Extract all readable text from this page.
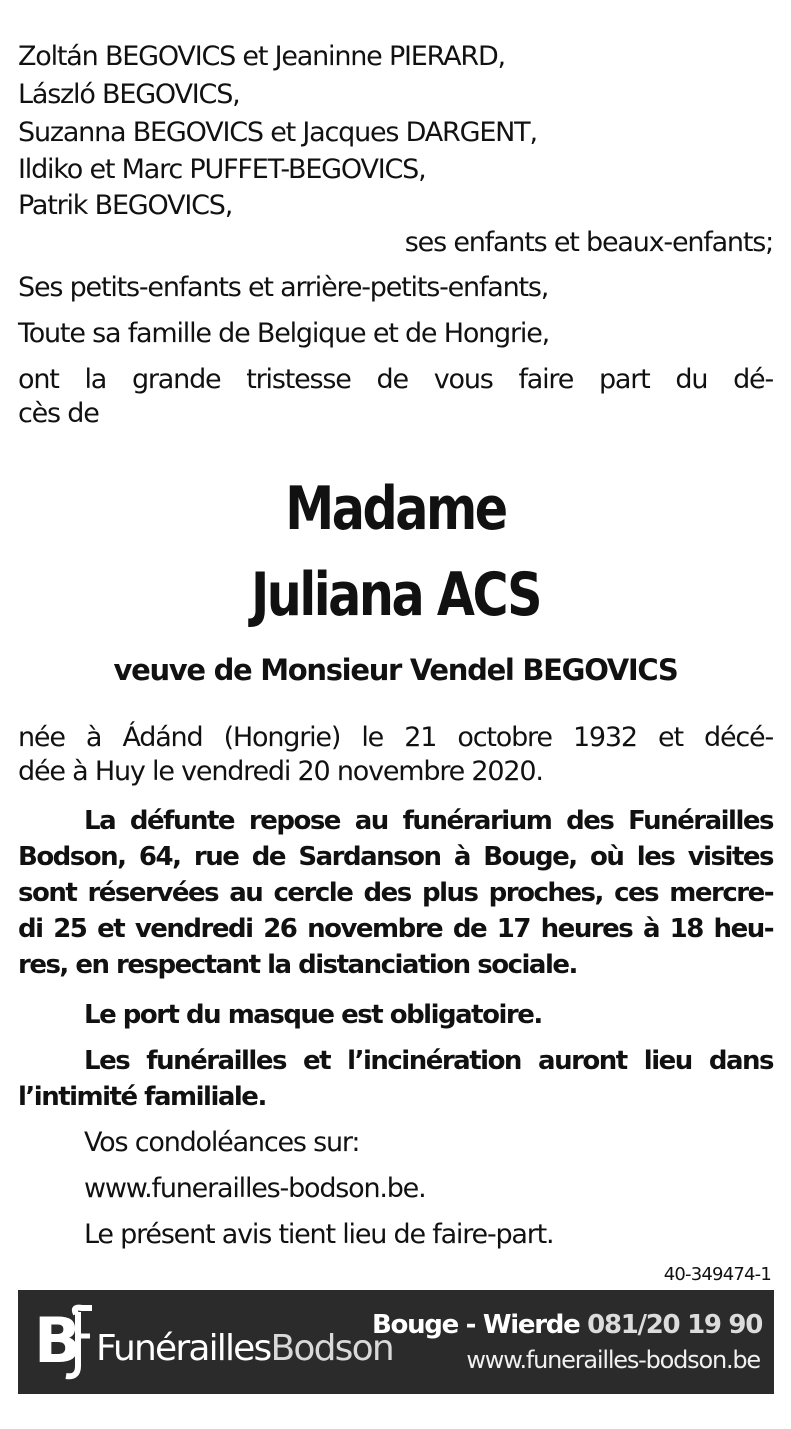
Zoltán BEGOVICS et Jeaninne PIERARD,
László BEGOVICS,
Suzanna BEGOVICS et Jacques DARGENT,
Ildiko et Marc PUFFET-BEGOVICS,
Patrik BEGOVICS,
ses enfants et beaux-enfants;
Ses petits-enfants et arrière-petits-enfants,
Toute sa famille de Belgique et de Hongrie,
ont la grande tristesse de vous faire part du dé-
cès de
Madame
Juliana ACS
veuve de Monsieur Vendel BEGOVICS
née à Ádánd (Hongrie) le 21 octobre 1932 et décé-
dée à Huy le vendredi 20 novembre 2020.
La défunte repose au funérarium des Funérailles
Bodson, 64, rue de Sardanson à Bouge, où les visites
sont réservées au cercle des plus proches, ces mercre-
di 25 et vendredi 26 novembre de 17 heures à 18 heu-
res, en respectant la distanciation sociale.
Le port du masque est obligatoire.
Les funérailles et l’incinération auront lieu dans
l’intimité familiale.
Vos condoléances sur:
www.funerailles-bodson.be.
Le présent avis tient lieu de faire-part.
40-349474-1
B FunéraillesBodson
Bouge - Wierde 081/20 19 90
www.funerailles-bodson.be
